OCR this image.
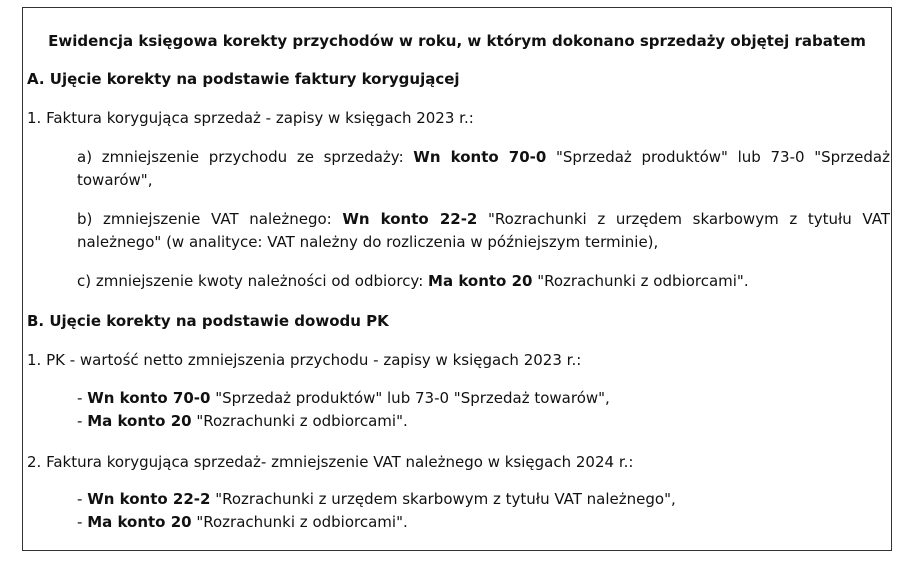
Ewidencja księgowa korekty przychodów w roku, w którym dokonano sprzedaży objętej rabatem
A. Ujęcie korekty na podstawie faktury korygującej
1. Faktura korygująca sprzedaż - zapisy w księgach 2023 r.:
a) zmniejszenie przychodu ze sprzedaży: Wn konto 70-0 "Sprzedaż produktów" lub 73-0 "Sprzedaż towarów",
b) zmniejszenie VAT należnego: Wn konto 22-2 "Rozrachunki z urzędem skarbowym z tytułu VAT należnego" (w analityce: VAT należny do rozliczenia w późniejszym terminie),
c) zmniejszenie kwoty należności od odbiorcy: Ma konto 20 "Rozrachunki z odbiorcami".
B. Ujęcie korekty na podstawie dowodu PK
1. PK - wartość netto zmniejszenia przychodu - zapisy w księgach 2023 r.:
- Wn konto 70-0 "Sprzedaż produktów" lub 73-0 "Sprzedaż towarów",
- Ma konto 20 "Rozrachunki z odbiorcami".
2. Faktura korygująca sprzedaż- zmniejszenie VAT należnego w księgach 2024 r.:
- Wn konto 22-2 "Rozrachunki z urzędem skarbowym z tytułu VAT należnego",
- Ma konto 20 "Rozrachunki z odbiorcami".
